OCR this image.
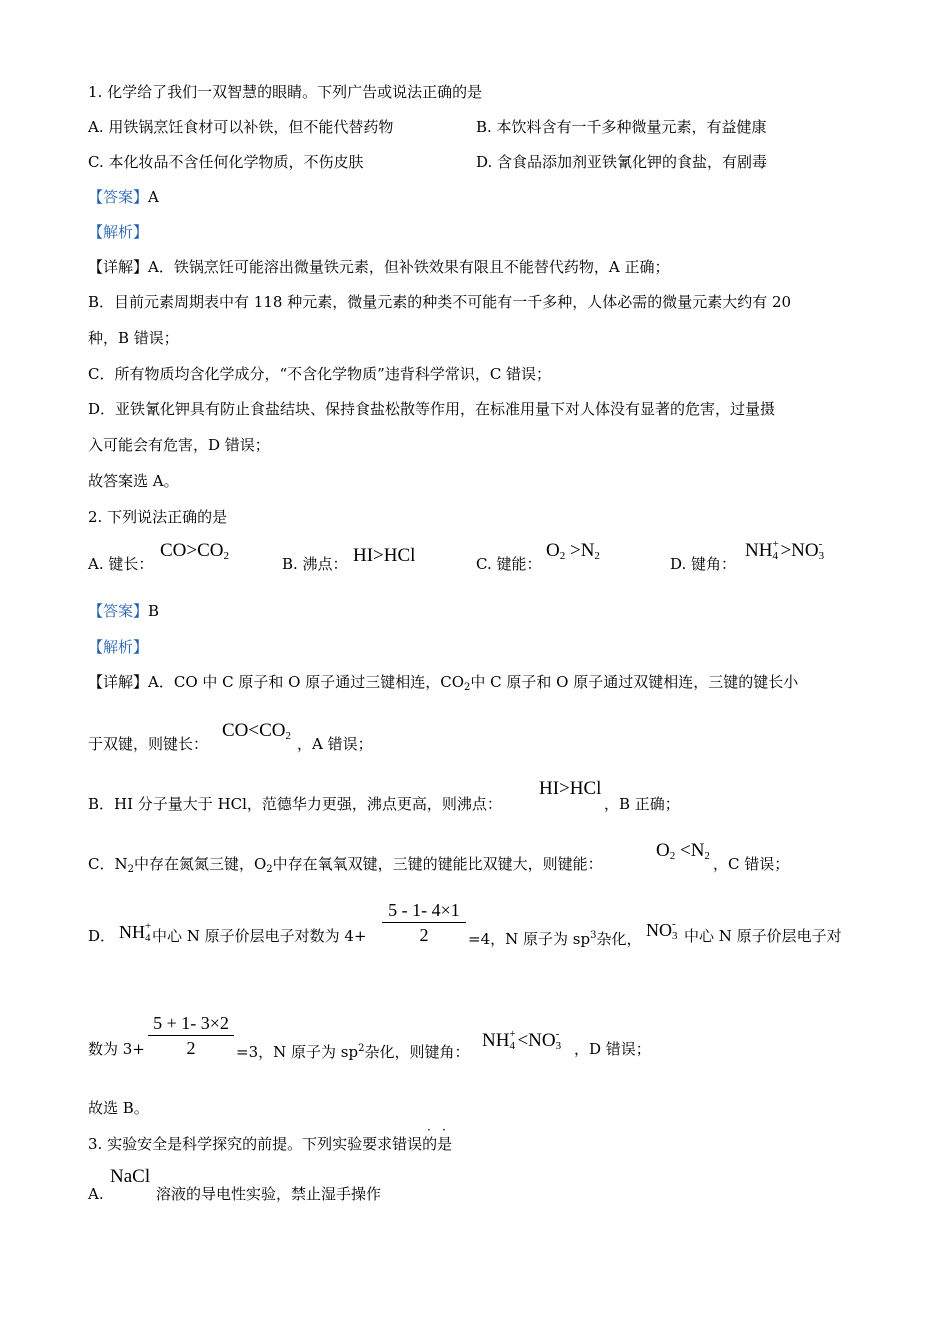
1. 化学给了我们一双智慧的眼睛。下列广告或说法正确的是
A. 用铁锅烹饪食材可以补铁，但不能代替药物	B. 本饮料含有一千多种微量元素，有益健康
C. 本化妆品不含任何化学物质，不伤皮肤	D. 含食品添加剂亚铁氰化钾的食盐，有剧毒
【答案】A
【解析】
【详解】A．铁锅烹饪可能溶出微量铁元素，但补铁效果有限且不能替代药物，A 正确；
B．目前元素周期表中有 118 种元素，微量元素的种类不可能有一千多种，人体必需的微量元素大约有 20
种，B 错误；
C．所有物质均含化学成分，“不含化学物质”违背科学常识，C 错误；
D．亚铁氰化钾具有防止食盐结块、保持食盐松散等作用，在标准用量下对人体没有显著的危害，过量摄
入可能会有危害，D 错误；
故答案选 A。
2. 下列说法正确的是
A. 键长：
$CO>CO_2$	B. 沸点： HI>HCl	C. 键能：
$O_2 >N_2$	D. 键角：
NH +
4 >NO -
3
【答案】B
【解析】
【详解】A．CO 中 C 原子和 O 原子通过三键相连，$CO_2$中 C 原子和 O 原子通过双键相连，三键的键长小
于双键，则键长：
$CO<CO_2$ ，A 错误；
B．HI 分子量大于 HCl，范德华力更强，沸点更高，则沸点：
HI>HCl
，B 正确；
C．$N_2$中存在氮氮三键，$O_2$中存在氧氧双键，三键的键能比双键大，则键能：
$O_2 <N_2$ ，C 错误；
D． NH +
4 中心 N 原子价层电子对数为 4+
5 - 1- 4×1
2	=4，N 原子为 $sp^3$杂化， NO -
3 中心 N 原子价层电子对
数为 3+
5 + 1- 3×2
2	=3，N 原子为 $sp^2$杂化，则键角：
NH +
4 <NO -
3 ，D 错误；
故选 B。
3. 实验安全是科学探究的前提。下列实验要求错误的是
· ·
A.
NaCl
溶液的导电性实验，禁止湿手操作
